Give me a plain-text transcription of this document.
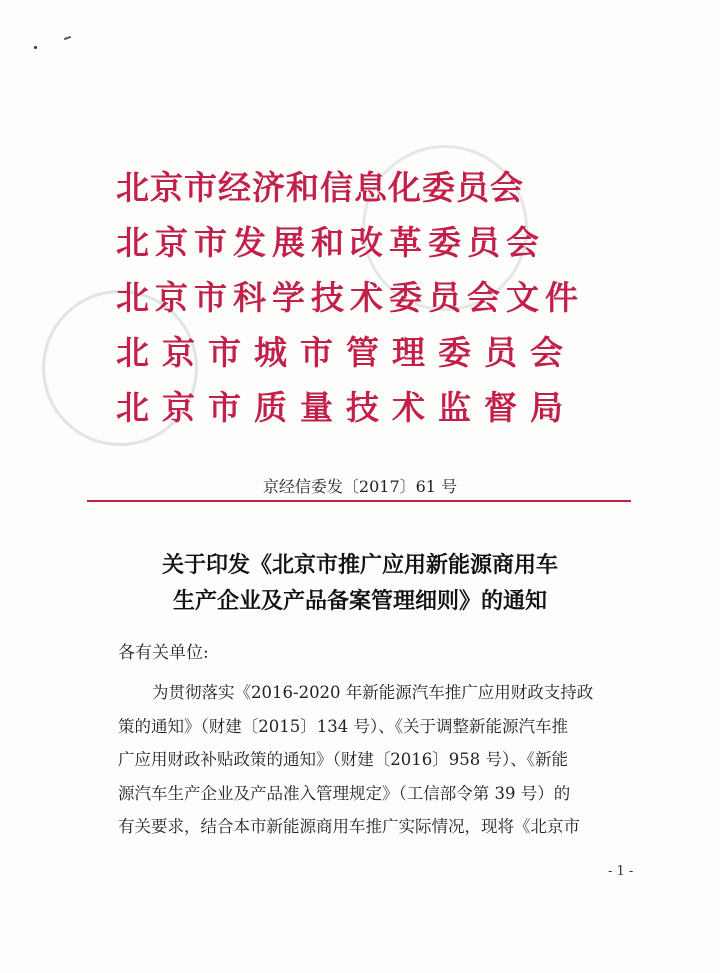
北京市经济和信息化委员会
北京市发展和改革委员会
北京市科学技术委员会文件
北京市城市管理委员会
北京市质量技术监督局
京经信委发〔2017〕61 号
关于印发《北京市推广应用新能源商用车
生产企业及产品备案管理细则》的通知
各有关单位:
为贯彻落实《2016-2020 年新能源汽车推广应用财政支持政
策的通知》（财建〔2015〕134 号）、《关于调整新能源汽车推
广应用财政补贴政策的通知》（财建〔2016〕958 号）、《新能
源汽车生产企业及产品准入管理规定》（工信部令第 39 号）的
有关要求，结合本市新能源商用车推广实际情况，现将《北京市
- 1 -
